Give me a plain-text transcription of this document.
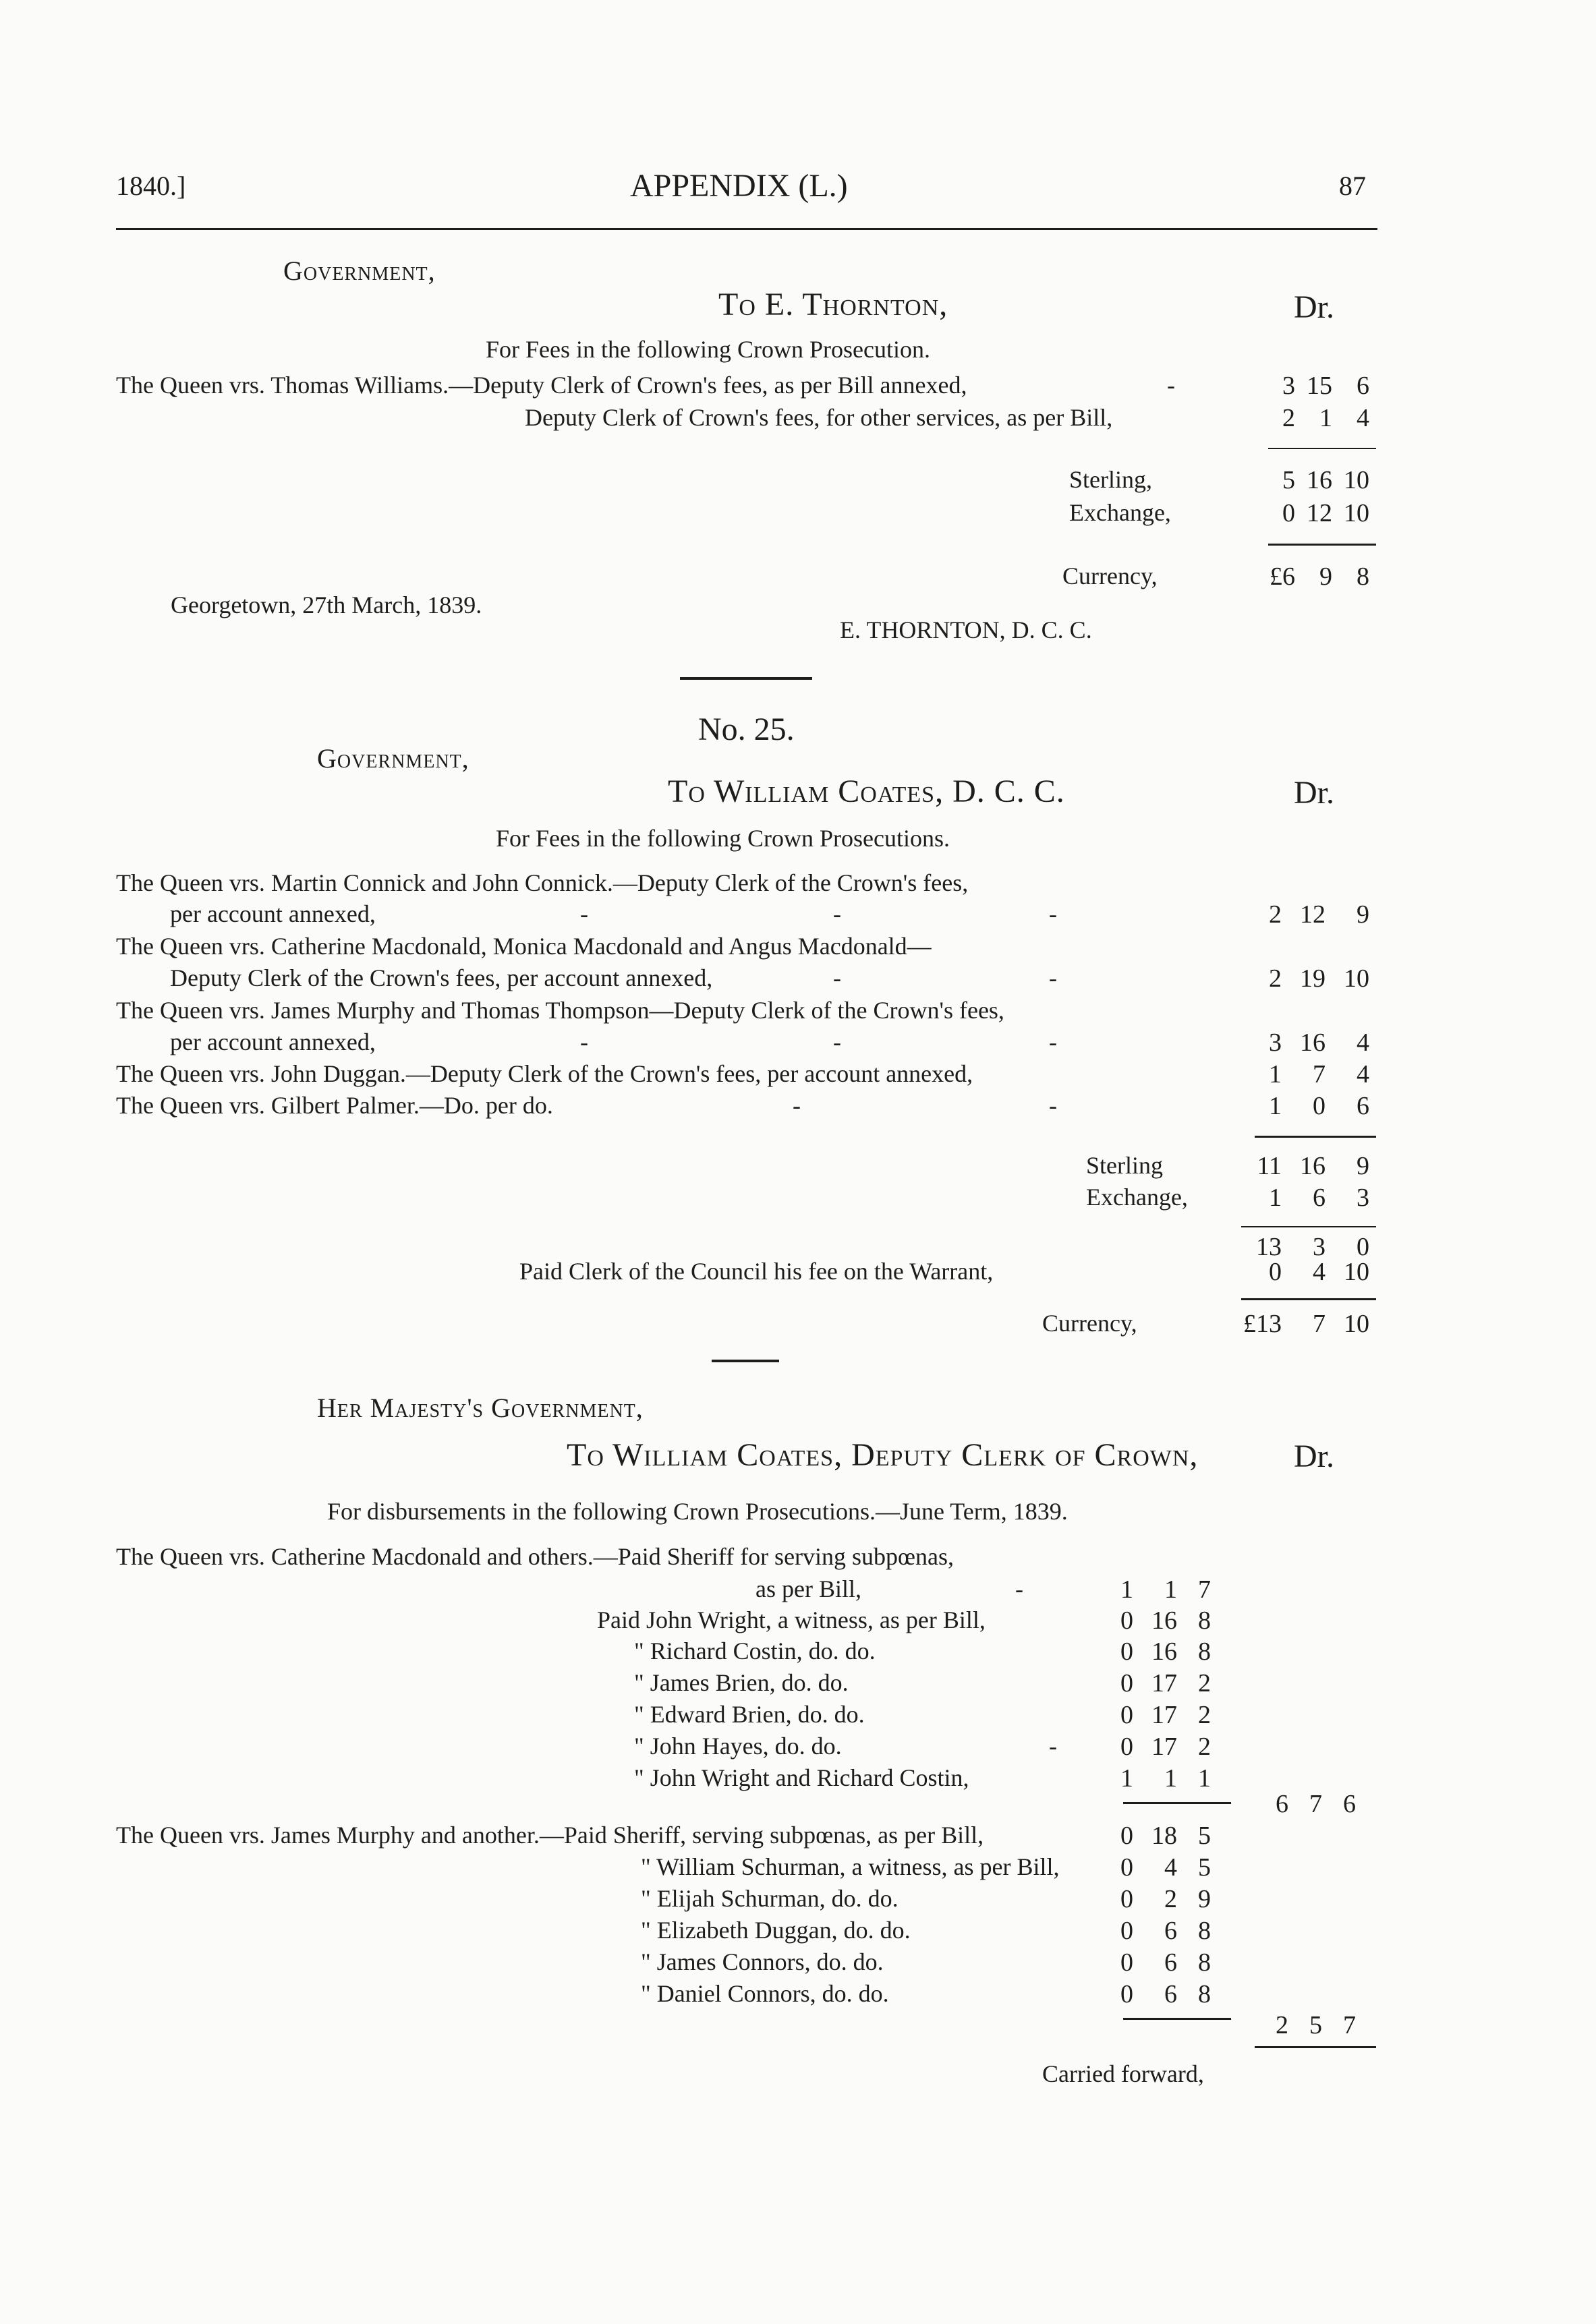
1840.]	APPENDIX (L.)	87
Government,
To E. Thornton,	Dr.
For Fees in the following Crown Prosecution.
The Queen vrs. Thomas Williams.—Deputy Clerk of Crown's fees, as per Bill annexed,	-	3 15 6
Deputy Clerk of Crown's fees, for other services, as per Bill,	2 1 4
Sterling,	5 16 10
Exchange,	0 12 10
Currency,	£6 9 8
Georgetown, 27th March, 1839.
E. THORNTON, D. C. C.
No. 25.
Government,
To William Coates, D. C. C.	Dr.
For Fees in the following Crown Prosecutions.
The Queen vrs. Martin Connick and John Connick.—Deputy Clerk of the Crown's fees,
per account annexed,	-	-	-	2 12	9
The Queen vrs. Catherine Macdonald, Monica Macdonald and Angus Macdonald—
Deputy Clerk of the Crown's fees, per account annexed,	-	-	2 19 10
The Queen vrs. James Murphy and Thomas Thompson—Deputy Clerk of the Crown's fees,
per account annexed,	-	-	-	3 16	4
The Queen vrs. John Duggan.—Deputy Clerk of the Crown's fees, per account annexed,	1	7	4
The Queen vrs. Gilbert Palmer.—Do. per do.	-	-	1	0	6
Sterling	11 16	9
Exchange,	1	6	3
13	3	0
Paid Clerk of the Council his fee on the Warrant,	0	4 10
Currency,	£13	7 10
Her Majesty's Government,
To William Coates, Deputy Clerk of Crown,	Dr.
For disbursements in the following Crown Prosecutions.—June Term, 1839.
The Queen vrs. Catherine Macdonald and others.—Paid Sheriff for serving subpœnas,
as per Bill,	-	1	1 7
Paid John Wright, a witness, as per Bill,	0 16 8
" Richard Costin, do. do.	0 16 8
" James Brien, do. do.	0 17 2
" Edward Brien, do. do.	0 17 2
" John Hayes, do. do.	-	0 17 2
" John Wright and Richard Costin,	1	1 1
6 7 6
The Queen vrs. James Murphy and another.—Paid Sheriff, serving subpœnas, as per Bill,	0 18 5
" William Schurman, a witness, as per Bill,	0	4 5
" Elijah Schurman, do. do.	0	2 9
" Elizabeth Duggan, do. do.	0	6 8
" James Connors, do. do.	0	6 8
" Daniel Connors, do. do.	0	6 8
2 5 7
Carried forward,
